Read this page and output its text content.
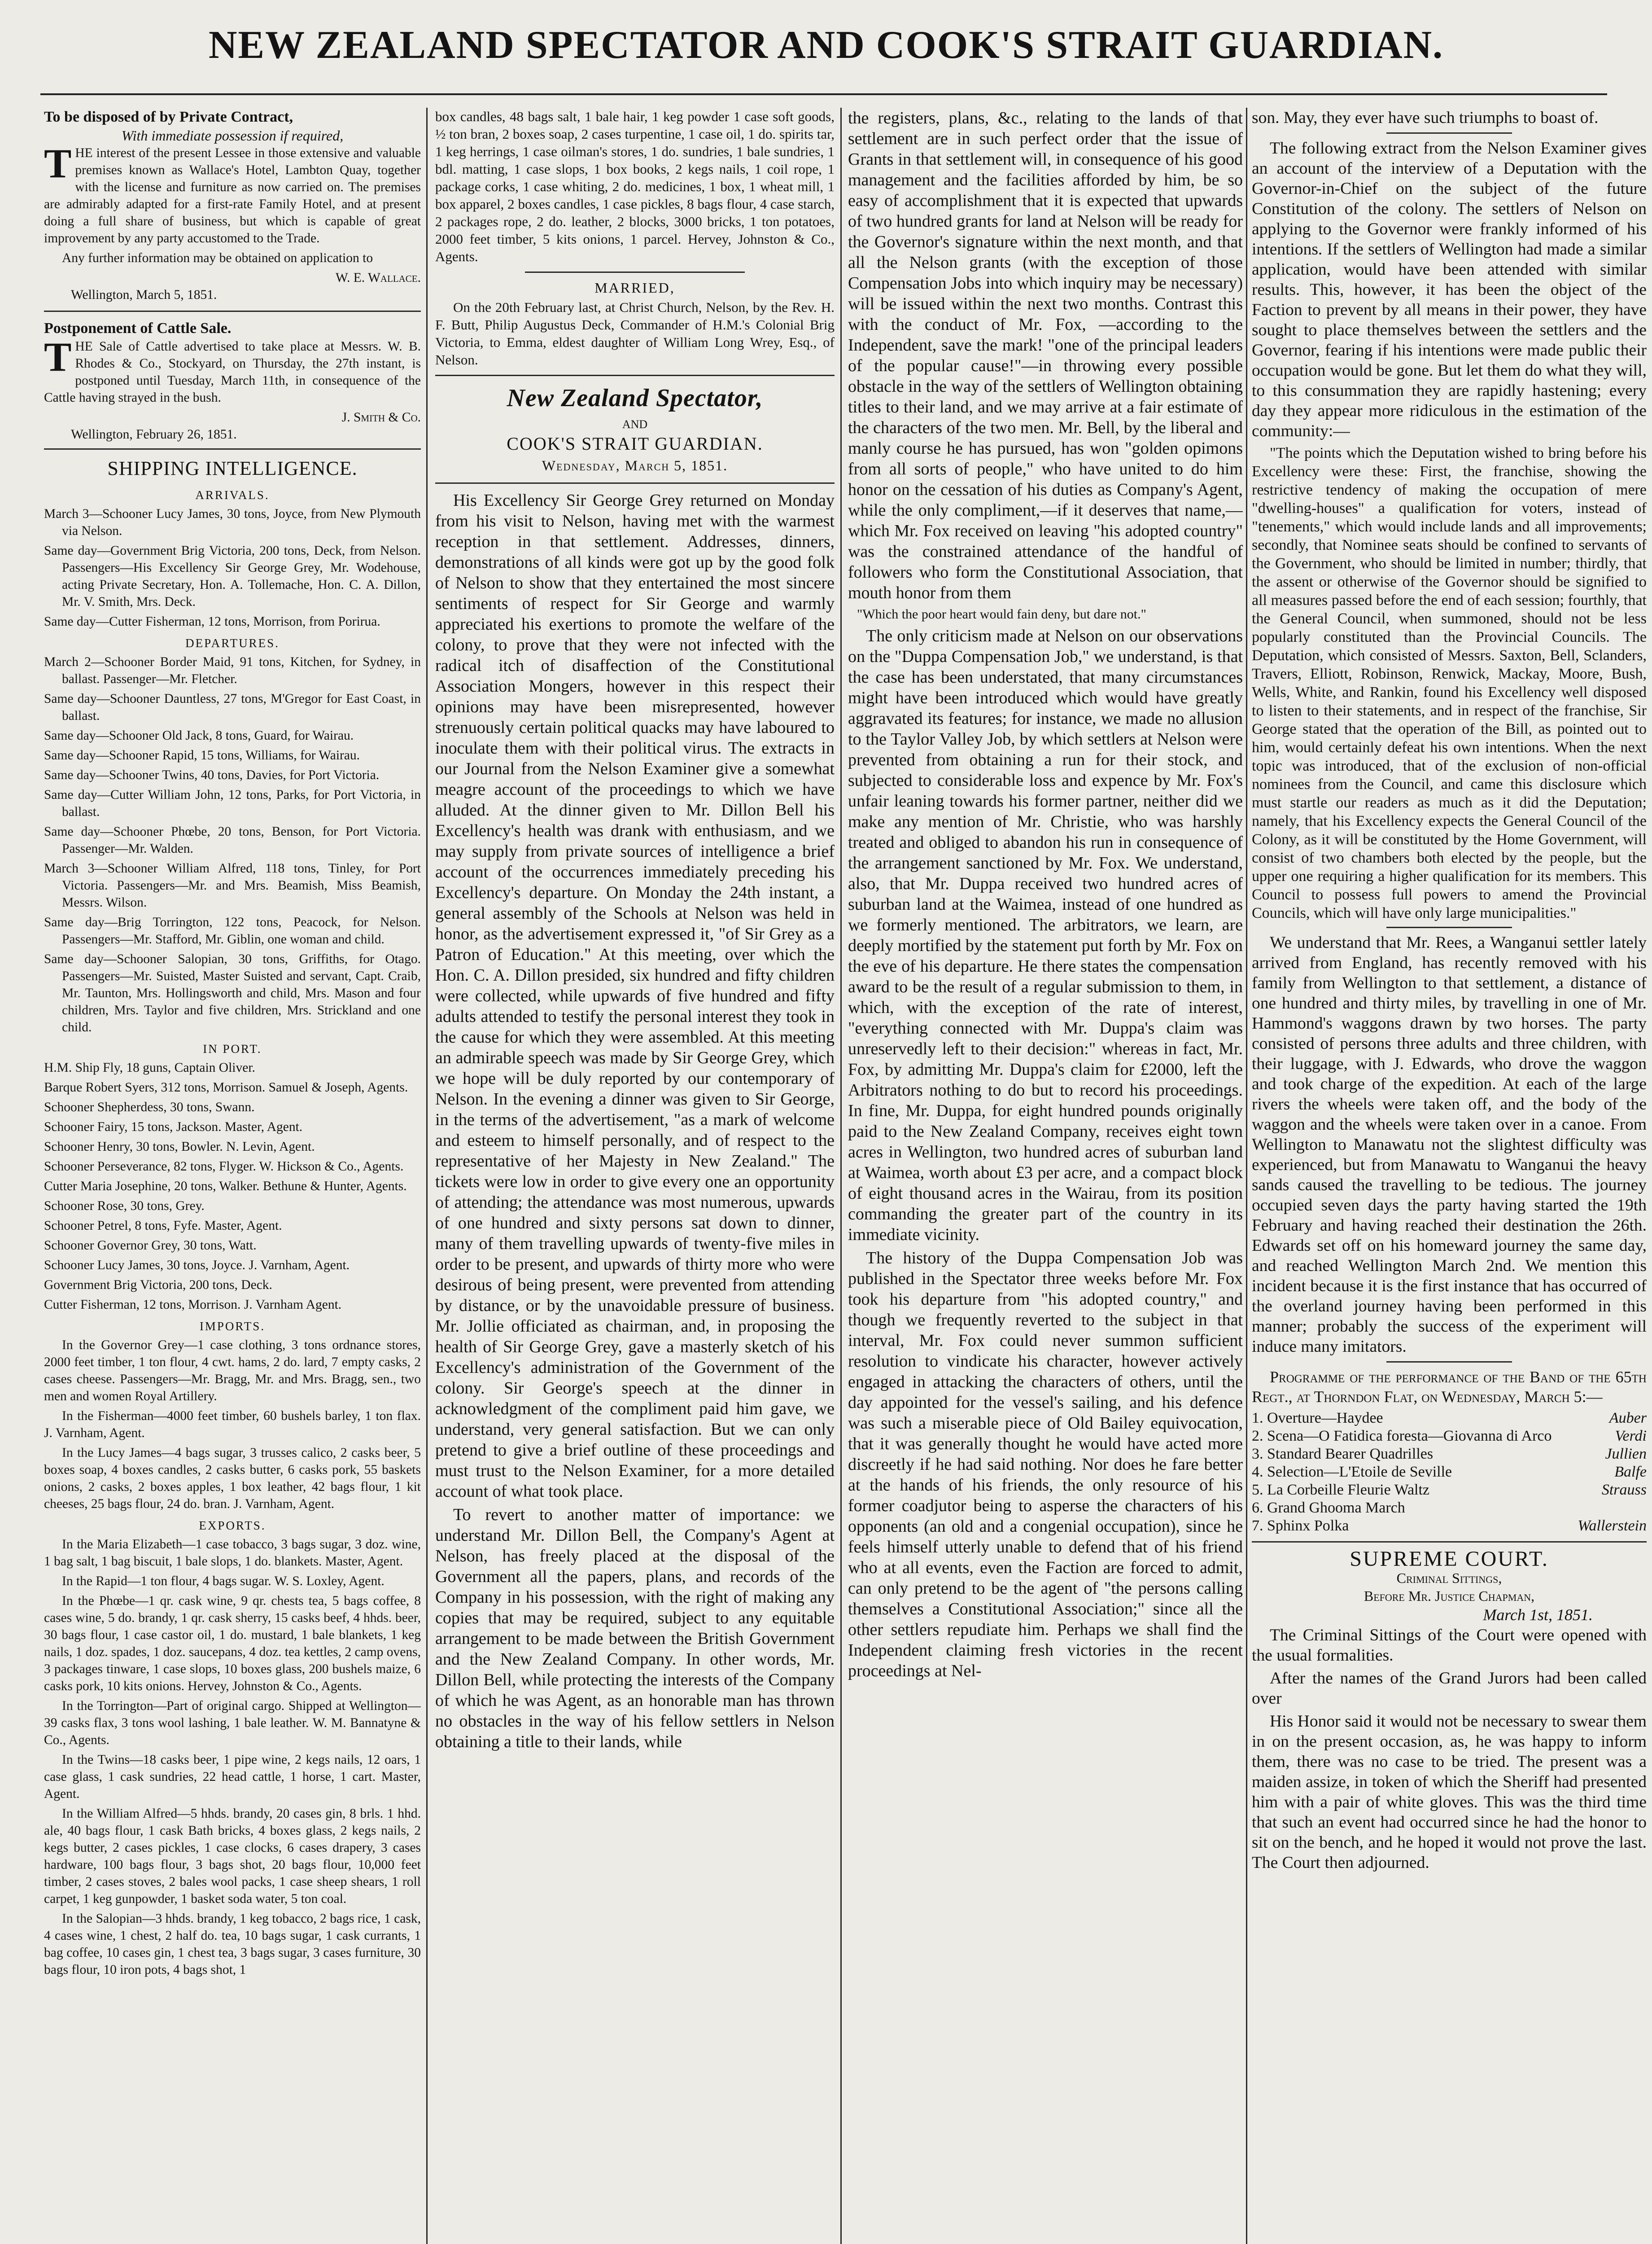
NEW ZEALAND SPECTATOR AND COOK'S STRAIT GUARDIAN.
To be disposed of by Private Contract,
With immediate possession if required,

THE interest of the present Lessee in those extensive and valuable premises known as Wallace's Hotel, Lambton Quay, together with the license and furniture as now carried on. The premises are admirably adapted for a first-rate Family Hotel, and at present doing a full share of business, but which is capable of great improvement by any party accustomed to the Trade.

Any further information may be obtained on application to

W. E. Wallace.
Wellington, March 5, 1851.
Postponement of Cattle Sale.

THE Sale of Cattle advertised to take place at Messrs. W. B. Rhodes & Co., Stockyard, on Thursday, the 27th instant, is postponed until Tuesday, March 11th, in consequence of the Cattle having strayed in the bush.

J. Smith & Co.
Wellington, February 26, 1851.
SHIPPING INTELLIGENCE.
ARRIVALS.

March 3—Schooner Lucy James, 30 tons, Joyce, from New Plymouth via Nelson.

Same day—Government Brig Victoria, 200 tons, Deck, from Nelson. Passengers—His Excellency Sir George Grey, Mr. Wodehouse, acting Private Secretary, Hon. A. Tollemache, Hon. C. A. Dillon, Mr. V. Smith, Mrs. Deck.

Same day—Cutter Fisherman, 12 tons, Morrison, from Porirua.

DEPARTURES.

March 2—Schooner Border Maid, 91 tons, Kitchen, for Sydney, in ballast. Passenger—Mr. Fletcher.

Same day—Schooner Dauntless, 27 tons, M'Gregor for East Coast, in ballast.

Same day—Schooner Old Jack, 8 tons, Guard, for Wairau.

Same day—Schooner Rapid, 15 tons, Williams, for Wairau.

Same day—Schooner Twins, 40 tons, Davies, for Port Victoria.

Same day—Cutter William John, 12 tons, Parks, for Port Victoria, in ballast.

Same day—Schooner Phœbe, 20 tons, Benson, for Port Victoria. Passenger—Mr. Walden.

March 3—Schooner William Alfred, 118 tons, Tinley, for Port Victoria. Passengers—Mr. and Mrs. Beamish, Miss Beamish, Messrs. Wilson.

Same day—Brig Torrington, 122 tons, Peacock, for Nelson. Passengers—Mr. Stafford, Mr. Giblin, one woman and child.

Same day—Schooner Salopian, 30 tons, Griffiths, for Otago. Passengers—Mr. Suisted, Master Suisted and servant, Capt. Craib, Mr. Taunton, Mrs. Hollingsworth and child, Mrs. Mason and four children, Mrs. Taylor and five children, Mrs. Strickland and one child.

IN PORT.

H.M. Ship Fly, 18 guns, Captain Oliver.

Barque Robert Syers, 312 tons, Morrison. Samuel & Joseph, Agents.

Schooner Shepherdess, 30 tons, Swann.

Schooner Fairy, 15 tons, Jackson. Master, Agent.

Schooner Henry, 30 tons, Bowler. N. Levin, Agent.

Schooner Perseverance, 82 tons, Flyger. W. Hickson & Co., Agents.

Cutter Maria Josephine, 20 tons, Walker. Bethune & Hunter, Agents.

Schooner Rose, 30 tons, Grey.

Schooner Petrel, 8 tons, Fyfe. Master, Agent.

Schooner Governor Grey, 30 tons, Watt.

Schooner Lucy James, 30 tons, Joyce. J. Varnham, Agent.

Government Brig Victoria, 200 tons, Deck.

Cutter Fisherman, 12 tons, Morrison. J. Varnham Agent.

IMPORTS.

In the Governor Grey—1 case clothing, 3 tons ordnance stores, 2000 feet timber, 1 ton flour, 4 cwt. hams, 2 do. lard, 7 empty casks, 2 cases cheese. Passengers—Mr. Bragg, Mr. and Mrs. Bragg, sen., two men and women Royal Artillery.

In the Fisherman—4000 feet timber, 60 bushels barley, 1 ton flax. J. Varnham, Agent.

In the Lucy James—4 bags sugar, 3 trusses calico, 2 casks beer, 5 boxes soap, 4 boxes candles, 2 casks butter, 6 casks pork, 55 baskets onions, 2 casks, 2 boxes apples, 1 box leather, 42 bags flour, 1 kit cheeses, 25 bags flour, 24 do. bran. J. Varnham, Agent.

EXPORTS.

In the Maria Elizabeth—1 case tobacco, 3 bags sugar, 3 doz. wine, 1 bag salt, 1 bag biscuit, 1 bale slops, 1 do. blankets. Master, Agent.

In the Rapid—1 ton flour, 4 bags sugar. W. S. Loxley, Agent.

In the Phœbe—1 qr. cask wine, 9 qr. chests tea, 5 bags coffee, 8 cases wine, 5 do. brandy, 1 qr. cask sherry, 15 casks beef, 4 hhds. beer, 30 bags flour, 1 case castor oil, 1 do. mustard, 1 bale blankets, 1 keg nails, 1 doz. spades, 1 doz. saucepans, 4 doz. tea kettles, 2 camp ovens, 3 packages tinware, 1 case slops, 10 boxes glass, 200 bushels maize, 6 casks pork, 10 kits onions. Hervey, Johnston & Co., Agents.

In the Torrington—Part of original cargo. Shipped at Wellington—39 casks flax, 3 tons wool lashing, 1 bale leather. W. M. Bannatyne & Co., Agents.

In the Twins—18 casks beer, 1 pipe wine, 2 kegs nails, 12 oars, 1 case glass, 1 cask sundries, 22 head cattle, 1 horse, 1 cart. Master, Agent.

In the William Alfred—5 hhds. brandy, 20 cases gin, 8 brls. 1 hhd. ale, 40 bags flour, 1 cask Bath bricks, 4 boxes glass, 2 kegs nails, 2 kegs butter, 2 cases pickles, 1 case clocks, 6 cases drapery, 3 cases hardware, 100 bags flour, 3 bags shot, 20 bags flour, 10,000 feet timber, 2 cases stoves, 2 bales wool packs, 1 case sheep shears, 1 roll carpet, 1 keg gunpowder, 1 basket soda water, 5 ton coal.

In the Salopian—3 hhds. brandy, 1 keg tobacco, 2 bags rice, 1 cask, 4 cases wine, 1 chest, 2 half do. tea, 10 bags sugar, 1 cask currants, 1 bag coffee, 10 cases gin, 1 chest tea, 3 bags sugar, 3 cases furniture, 30 bags flour, 10 iron pots, 4 bags shot, 1

box candles, 48 bags salt, 1 bale hair, 1 keg powder 1 case soft goods, ½ ton bran, 2 boxes soap, 2 cases turpentine, 1 case oil, 1 do. spirits tar, 1 keg herrings, 1 case oilman's stores, 1 do. sundries, 1 bale sundries, 1 bdl. matting, 1 case slops, 1 box books, 2 kegs nails, 1 coil rope, 1 package corks, 1 case whiting, 2 do. medicines, 1 box, 1 wheat mill, 1 box apparel, 2 boxes candles, 1 case pickles, 8 bags flour, 4 case starch, 2 packages rope, 2 do. leather, 2 blocks, 3000 bricks, 1 ton potatoes, 2000 feet timber, 5 kits onions, 1 parcel. Hervey, Johnston & Co., Agents.

MARRIED,

On the 20th February last, at Christ Church, Nelson, by the Rev. H. F. Butt, Philip Augustus Deck, Commander of H.M.'s Colonial Brig Victoria, to Emma, eldest daughter of William Long Wrey, Esq., of Nelson.

New Zealand Spectator,
AND
COOK'S STRAIT GUARDIAN.
Wednesday, March 5, 1851.

His Excellency Sir George Grey returned on Monday from his visit to Nelson, having met with the warmest reception in that settlement. Addresses, dinners, demonstrations of all kinds were got up by the good folk of Nelson to show that they entertained the most sincere sentiments of respect for Sir George and warmly appreciated his exertions to promote the welfare of the colony, to prove that they were not infected with the radical itch of disaffection of the Constitutional Association Mongers, however in this respect their opinions may have been misrepresented, however strenuously certain political quacks may have laboured to inoculate them with their political virus. The extracts in our Journal from the Nelson Examiner give a somewhat meagre account of the proceedings to which we have alluded. At the dinner given to Mr. Dillon Bell his Excellency's health was drank with enthusiasm, and we may supply from private sources of intelligence a brief account of the occurrences immediately preceding his Excellency's departure. On Monday the 24th instant, a general assembly of the Schools at Nelson was held in honor, as the advertisement expressed it, "of Sir Grey as a Patron of Education." At this meeting, over which the Hon. C. A. Dillon presided, six hundred and fifty children were collected, while upwards of five hundred and fifty adults attended to testify the personal interest they took in the cause for which they were assembled. At this meeting an admirable speech was made by Sir George Grey, which we hope will be duly reported by our contemporary of Nelson. In the evening a dinner was given to Sir George, in the terms of the advertisement, "as a mark of welcome and esteem to himself personally, and of respect to the representative of her Majesty in New Zealand." The tickets were low in order to give every one an opportunity of attending; the attendance was most numerous, upwards of one hundred and sixty persons sat down to dinner, many of them travelling upwards of twenty-five miles in order to be present, and upwards of thirty more who were desirous of being present, were prevented from attending by distance, or by the unavoidable pressure of business. Mr. Jollie officiated as chairman, and, in proposing the health of Sir George Grey, gave a masterly sketch of his Excellency's administration of the Government of the colony. Sir George's speech at the dinner in acknowledgment of the compliment paid him gave, we understand, very general satisfaction. But we can only pretend to give a brief outline of these proceedings and must trust to the Nelson Examiner, for a more detailed account of what took place.

To revert to another matter of importance: we understand Mr. Dillon Bell, the Company's Agent at Nelson, has freely placed at the disposal of the Government all the papers, plans, and records of the Company in his possession, with the right of making any copies that may be required, subject to any equitable arrangement to be made between the British Government and the New Zealand Company. In other words, Mr. Dillon Bell, while protecting the interests of the Company of which he was Agent, as an honorable man has thrown no obstacles in the way of his fellow settlers in Nelson obtaining a title to their lands, while

the registers, plans, &c., relating to the lands of that settlement are in such perfect order that the issue of Grants in that settlement will, in consequence of his good management and the facilities afforded by him, be so easy of accomplishment that it is expected that upwards of two hundred grants for land at Nelson will be ready for the Governor's signature within the next month, and that all the Nelson grants (with the exception of those Compensation Jobs into which inquiry may be necessary) will be issued within the next two months. Contrast this with the conduct of Mr. Fox, —according to the Independent, save the mark! "one of the principal leaders of the popular cause!"—in throwing every possible obstacle in the way of the settlers of Wellington obtaining titles to their land, and we may arrive at a fair estimate of the characters of the two men. Mr. Bell, by the liberal and manly course he has pursued, has won "golden opimons from all sorts of people," who have united to do him honor on the cessation of his duties as Company's Agent, while the only compliment,—if it deserves that name,—which Mr. Fox received on leaving "his adopted country" was the constrained attendance of the handful of followers who form the Constitutional Association, that mouth honor from them

"Which the poor heart would fain deny, but dare not."

The only criticism made at Nelson on our observations on the "Duppa Compensation Job," we understand, is that the case has been understated, that many circumstances might have been introduced which would have greatly aggravated its features; for instance, we made no allusion to the Taylor Valley Job, by which settlers at Nelson were prevented from obtaining a run for their stock, and subjected to considerable loss and expence by Mr. Fox's unfair leaning towards his former partner, neither did we make any mention of Mr. Christie, who was harshly treated and obliged to abandon his run in consequence of the arrangement sanctioned by Mr. Fox. We understand, also, that Mr. Duppa received two hundred acres of suburban land at the Waimea, instead of one hundred as we formerly mentioned. The arbitrators, we learn, are deeply mortified by the statement put forth by Mr. Fox on the eve of his departure. He there states the compensation award to be the result of a regular submission to them, in which, with the exception of the rate of interest, "everything connected with Mr. Duppa's claim was unreservedly left to their decision:" whereas in fact, Mr. Fox, by admitting Mr. Duppa's claim for £2000, left the Arbitrators nothing to do but to record his proceedings. In fine, Mr. Duppa, for eight hundred pounds originally paid to the New Zealand Company, receives eight town acres in Wellington, two hundred acres of suburban land at Waimea, worth about £3 per acre, and a compact block of eight thousand acres in the Wairau, from its position commanding the greater part of the country in its immediate vicinity.

The history of the Duppa Compensation Job was published in the Spectator three weeks before Mr. Fox took his departure from "his adopted country," and though we frequently reverted to the subject in that interval, Mr. Fox could never summon sufficient resolution to vindicate his character, however actively engaged in attacking the characters of others, until the day appointed for the vessel's sailing, and his defence was such a miserable piece of Old Bailey equivocation, that it was generally thought he would have acted more discreetly if he had said nothing. Nor does he fare better at the hands of his friends, the only resource of his former coadjutor being to asperse the characters of his opponents (an old and a congenial occupation), since he feels himself utterly unable to defend that of his friend who at all events, even the Faction are forced to admit, can only pretend to be the agent of "the persons calling themselves a Constitutional Association;" since all the other settlers repudiate him. Perhaps we shall find the Independent claiming fresh victories in the recent proceedings at Nel-

son. May, they ever have such triumphs to boast of.

The following extract from the Nelson Examiner gives an account of the interview of a Deputation with the Governor-in-Chief on the subject of the future Constitution of the colony. The settlers of Nelson on applying to the Governor were frankly informed of his intentions. If the settlers of Wellington had made a similar application, would have been attended with similar results. This, however, it has been the object of the Faction to prevent by all means in their power, they have sought to place themselves between the settlers and the Governor, fearing if his intentions were made public their occupation would be gone. But let them do what they will, to this consummation they are rapidly hastening; every day they appear more ridiculous in the estimation of the community:—

"The points which the Deputation wished to bring before his Excellency were these: First, the franchise, showing the restrictive tendency of making the occupation of mere "dwelling-houses" a qualification for voters, instead of "tenements," which would include lands and all improvements; secondly, that Nominee seats should be confined to servants of the Government, who should be limited in number; thirdly, that the assent or otherwise of the Governor should be signified to all measures passed before the end of each session; fourthly, that the General Council, when summoned, should not be less popularly constituted than the Provincial Councils. The Deputation, which consisted of Messrs. Saxton, Bell, Sclanders, Travers, Elliott, Robinson, Renwick, Mackay, Moore, Bush, Wells, White, and Rankin, found his Excellency well disposed to listen to their statements, and in respect of the franchise, Sir George stated that the operation of the Bill, as pointed out to him, would certainly defeat his own intentions. When the next topic was introduced, that of the exclusion of non-official nominees from the Council, and came this disclosure which must startle our readers as much as it did the Deputation; namely, that his Excellency expects the General Council of the Colony, as it will be constituted by the Home Government, will consist of two chambers both elected by the people, but the upper one requiring a higher qualification for its members. This Council to possess full powers to amend the Provincial Councils, which will have only large municipalities."

We understand that Mr. Rees, a Wanganui settler lately arrived from England, has recently removed with his family from Wellington to that settlement, a distance of one hundred and thirty miles, by travelling in one of Mr. Hammond's waggons drawn by two horses. The party consisted of persons three adults and three children, with their luggage, with J. Edwards, who drove the waggon and took charge of the expedition. At each of the large rivers the wheels were taken off, and the body of the waggon and the wheels were taken over in a canoe. From Wellington to Manawatu not the slightest difficulty was experienced, but from Manawatu to Wanganui the heavy sands caused the travelling to be tedious. The journey occupied seven days the party having started the 19th February and having reached their destination the 26th. Edwards set off on his homeward journey the same day, and reached Wellington March 2nd. We mention this incident because it is the first instance that has occurred of the overland journey having been performed in this manner; probably the success of the experiment will induce many imitators.

Programme of the performance of the Band of the 65th Regt., at Thorndon Flat, on Wednesday, March 5:—

1. Overture—Haydee	Auber
2. Scena—O Fatidica foresta—Giovanna di Arco	Verdi
3. Standard Bearer Quadrilles	Jullien
4. Selection—L'Etoile de Seville	Balfe
5. La Corbeille Fleurie Waltz	Strauss
6. Grand Ghooma March
7. Sphinx Polka	Wallerstein
SUPREME COURT.
Criminal Sittings,
Before Mr. Justice Chapman,
March 1st, 1851.

The Criminal Sittings of the Court were opened with the usual formalities.

After the names of the Grand Jurors had been called over

His Honor said it would not be necessary to swear them in on the present occasion, as, he was happy to inform them, there was no case to be tried. The present was a maiden assize, in token of which the Sheriff had presented him with a pair of white gloves. This was the third time that such an event had occurred since he had the honor to sit on the bench, and he hoped it would not prove the last. The Court then adjourned.
